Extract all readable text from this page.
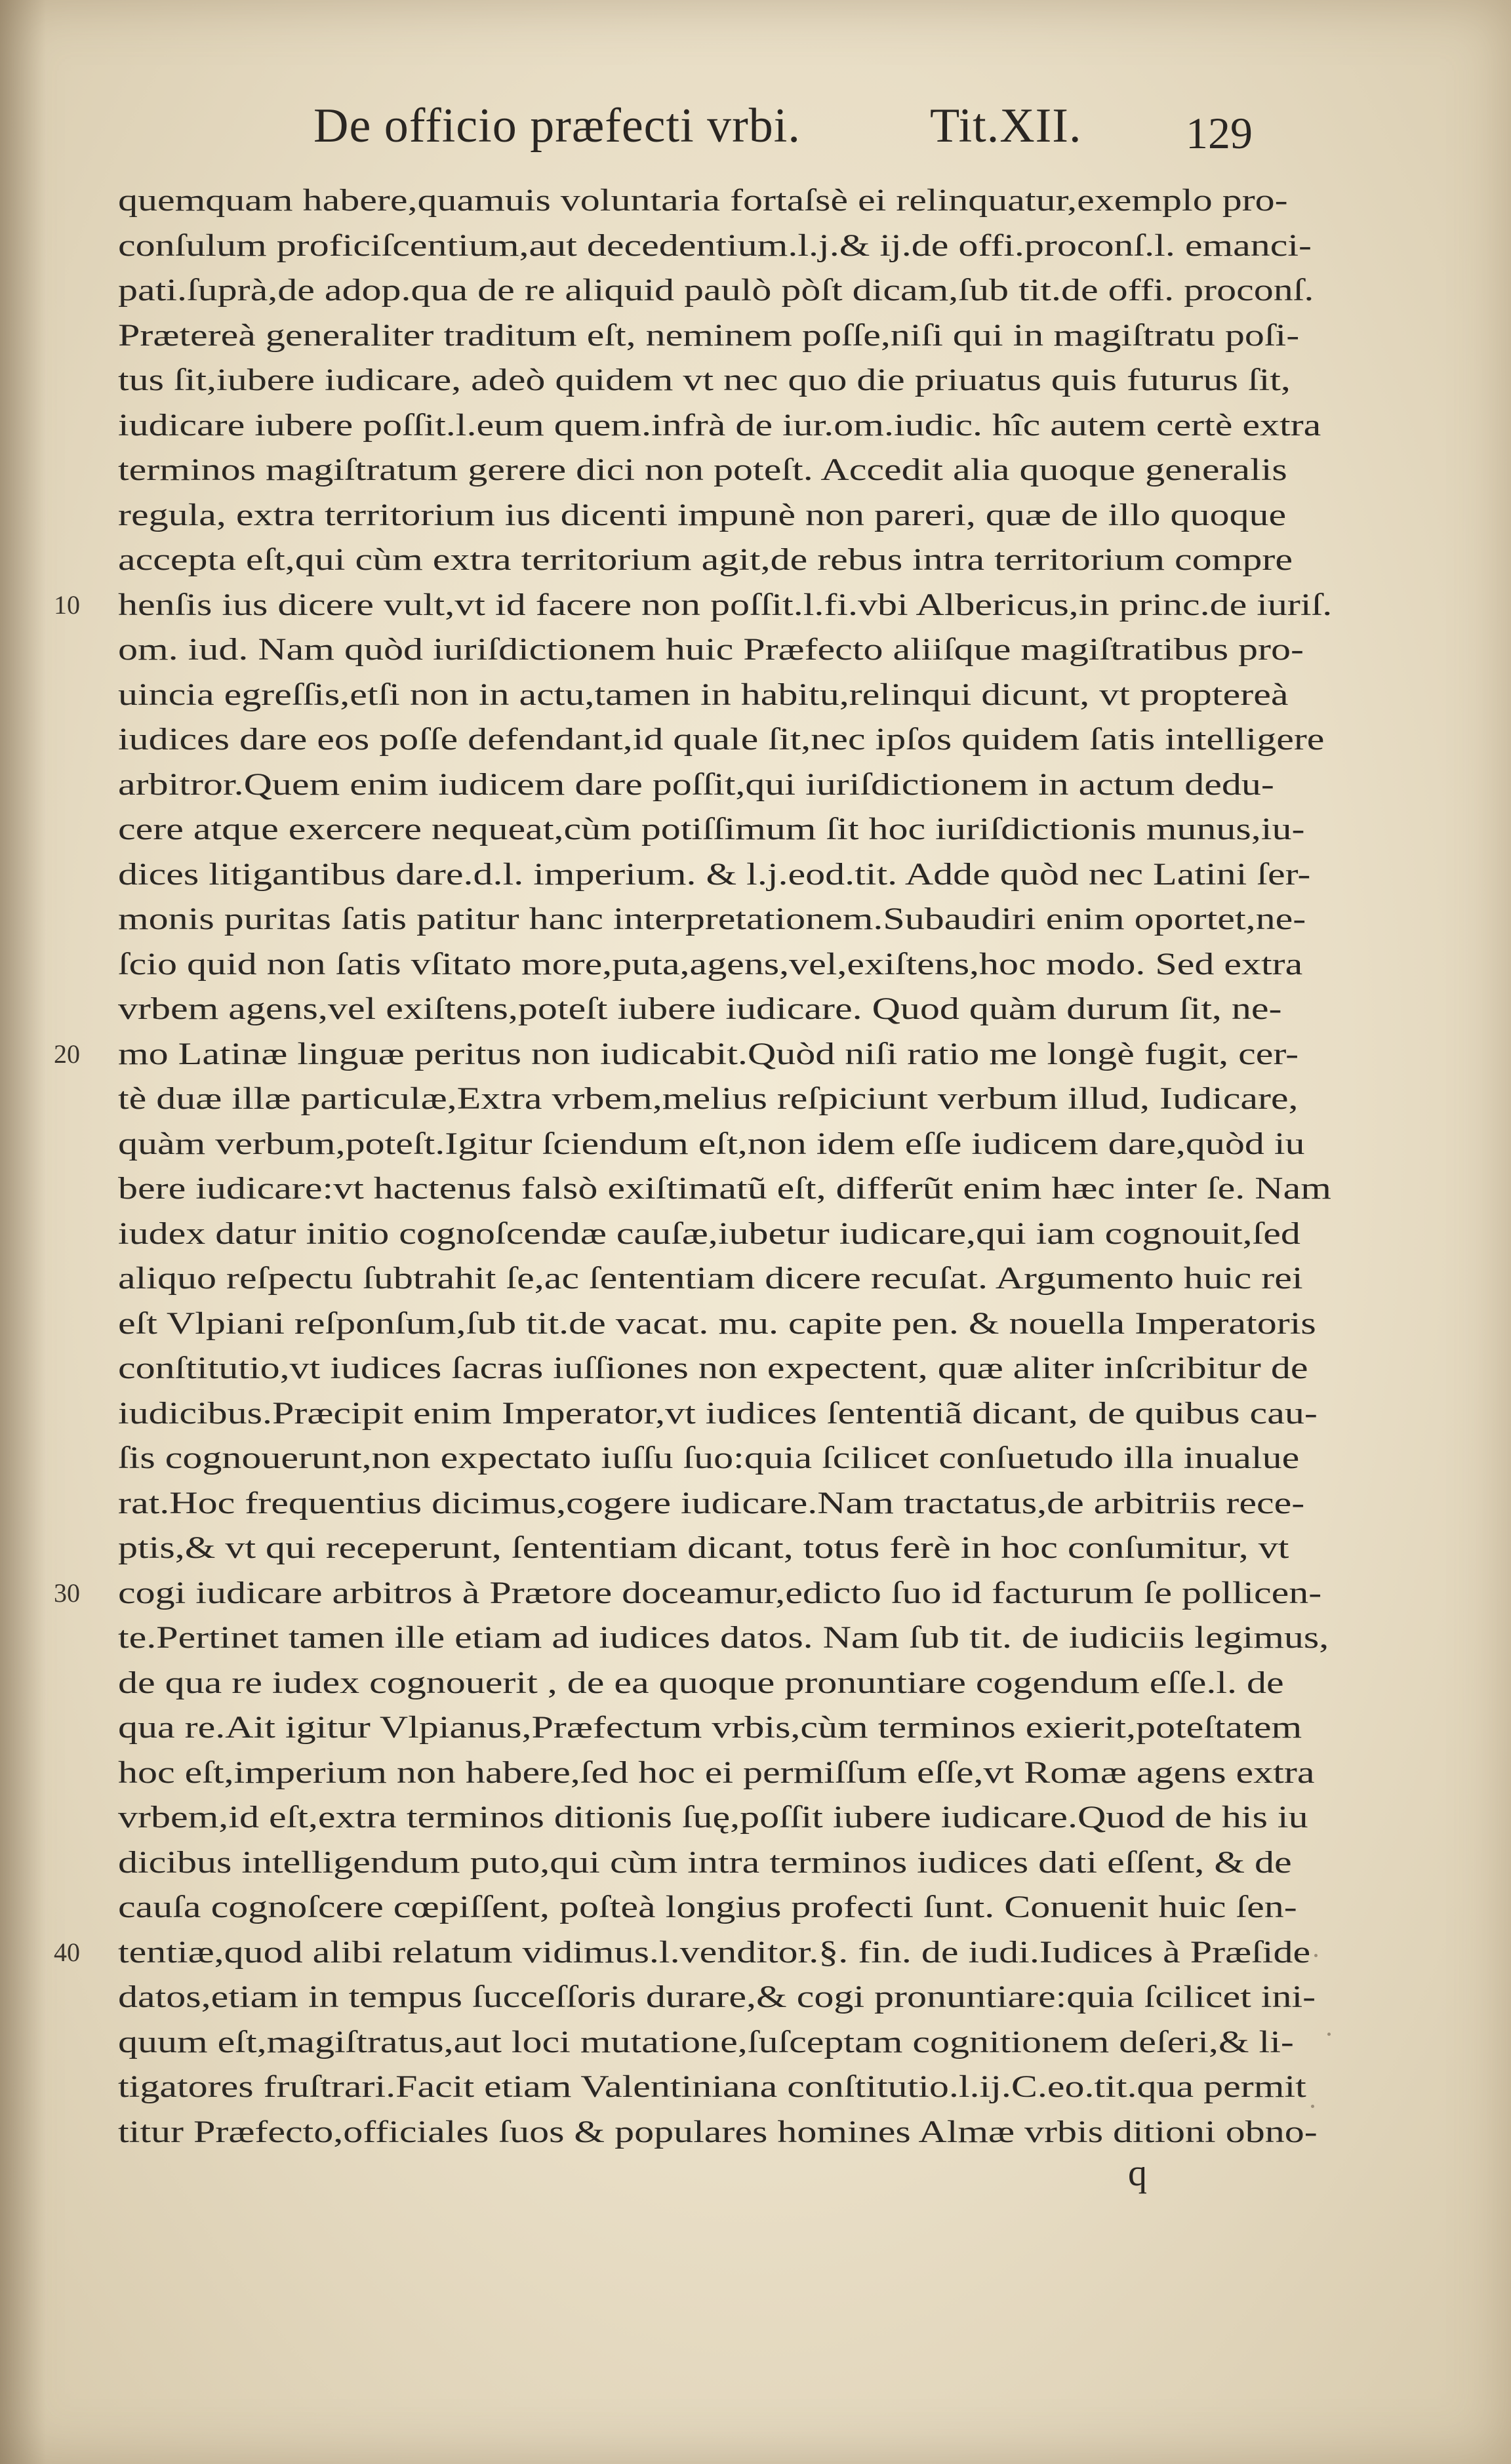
De officio præfecti vrbi.	Tit.XII. 129
quemquam habere,quamuis voluntaria fortaſsè ei relinquatur,exemplo pro-
conſulum proficiſcentium,aut decedentium.l.j.& ij.de offi.proconſ.l. emanci-
pati.ſuprà,de adop.qua de re aliquid paulò pòſt dicam,ſub tit.de offi. proconſ.
Prætereà generaliter traditum eſt, neminem poſſe,niſi qui in magiſtratu poſi-
tus ſit,iubere iudicare, adeò quidem vt nec quo die priuatus quis futurus ſit,
iudicare iubere poſſit.l.eum quem.infrà de iur.om.iudic. hîc autem certè extra
terminos magiſtratum gerere dici non poteſt. Accedit alia quoque generalis
regula, extra territorium ius dicenti impunè non pareri, quæ de illo quoque
accepta eſt,qui cùm extra territorium agit,de rebus intra territorium compre
10	henſis ius dicere vult,vt id facere non poſſit.l.fi.vbi Albericus,in princ.de iuriſ.
om. iud. Nam quòd iuriſdictionem huic Præfecto aliiſque magiſtratibus pro-
uincia egreſſis,etſi non in actu,tamen in habitu,relinqui dicunt, vt proptereà
iudices dare eos poſſe defendant,id quale ſit,nec ipſos quidem ſatis intelligere
arbitror.Quem enim iudicem dare poſſit,qui iuriſdictionem in actum dedu-
cere atque exercere nequeat,cùm potiſſimum ſit hoc iuriſdictionis munus,iu-
dices litigantibus dare.d.l. imperium. & l.j.eod.tit. Adde quòd nec Latini ſer-
monis puritas ſatis patitur hanc interpretationem.Subaudiri enim oportet,ne-
ſcio quid non ſatis vſitato more,puta,agens,vel,exiſtens,hoc modo. Sed extra
vrbem agens,vel exiſtens,poteſt iubere iudicare. Quod quàm durum ſit, ne-
20	mo Latinæ linguæ peritus non iudicabit.Quòd niſi ratio me longè fugit, cer-
tè duæ illæ particulæ,Extra vrbem,melius reſpiciunt verbum illud, Iudicare,
quàm verbum,poteſt.Igitur ſciendum eſt,non idem eſſe iudicem dare,quòd iu
bere iudicare:vt hactenus falsò exiſtimatũ eſt, differũt enim hæc inter ſe. Nam
iudex datur initio cognoſcendæ cauſæ,iubetur iudicare,qui iam cognouit,ſed
aliquo reſpectu ſubtrahit ſe,ac ſententiam dicere recuſat. Argumento huic rei
eſt Vlpiani reſponſum,ſub tit.de vacat. mu. capite pen. & nouella Imperatoris
conſtitutio,vt iudices ſacras iuſſiones non expectent, quæ aliter inſcribitur de
iudicibus.Præcipit enim Imperator,vt iudices ſententiã dicant, de quibus cau-
ſis cognouerunt,non expectato iuſſu ſuo:quia ſcilicet conſuetudo illa inualue
rat.Hoc frequentius dicimus,cogere iudicare.Nam tractatus,de arbitriis rece-
ptis,& vt qui receperunt, ſententiam dicant, totus ferè in hoc conſumitur, vt
30	cogi iudicare arbitros à Prætore doceamur,edicto ſuo id facturum ſe pollicen-
te.Pertinet tamen ille etiam ad iudices datos. Nam ſub tit. de iudiciis legimus,
de qua re iudex cognouerit , de ea quoque pronuntiare cogendum eſſe.l. de
qua re.Ait igitur Vlpianus,Præfectum vrbis,cùm terminos exierit,poteſtatem
hoc eſt,imperium non habere,ſed hoc ei permiſſum eſſe,vt Romæ agens extra
vrbem,id eſt,extra terminos ditionis ſuę,poſſit iubere iudicare.Quod de his iu
dicibus intelligendum puto,qui cùm intra terminos iudices dati eſſent, & de
cauſa cognoſcere cœpiſſent, poſteà longius profecti ſunt. Conuenit huic ſen-
40	tentiæ,quod alibi relatum vidimus.l.venditor.§. fin. de iudi.Iudices à Præſide
datos,etiam in tempus ſucceſſoris durare,& cogi pronuntiare:quia ſcilicet ini-
quum eſt,magiſtratus,aut loci mutatione,ſuſceptam cognitionem deſeri,& li-
tigatores fruſtrari.Facit etiam Valentiniana conſtitutio.l.ij.C.eo.tit.qua permit
titur Præfecto,officiales ſuos & populares homines Almæ vrbis ditioni obno-
q
